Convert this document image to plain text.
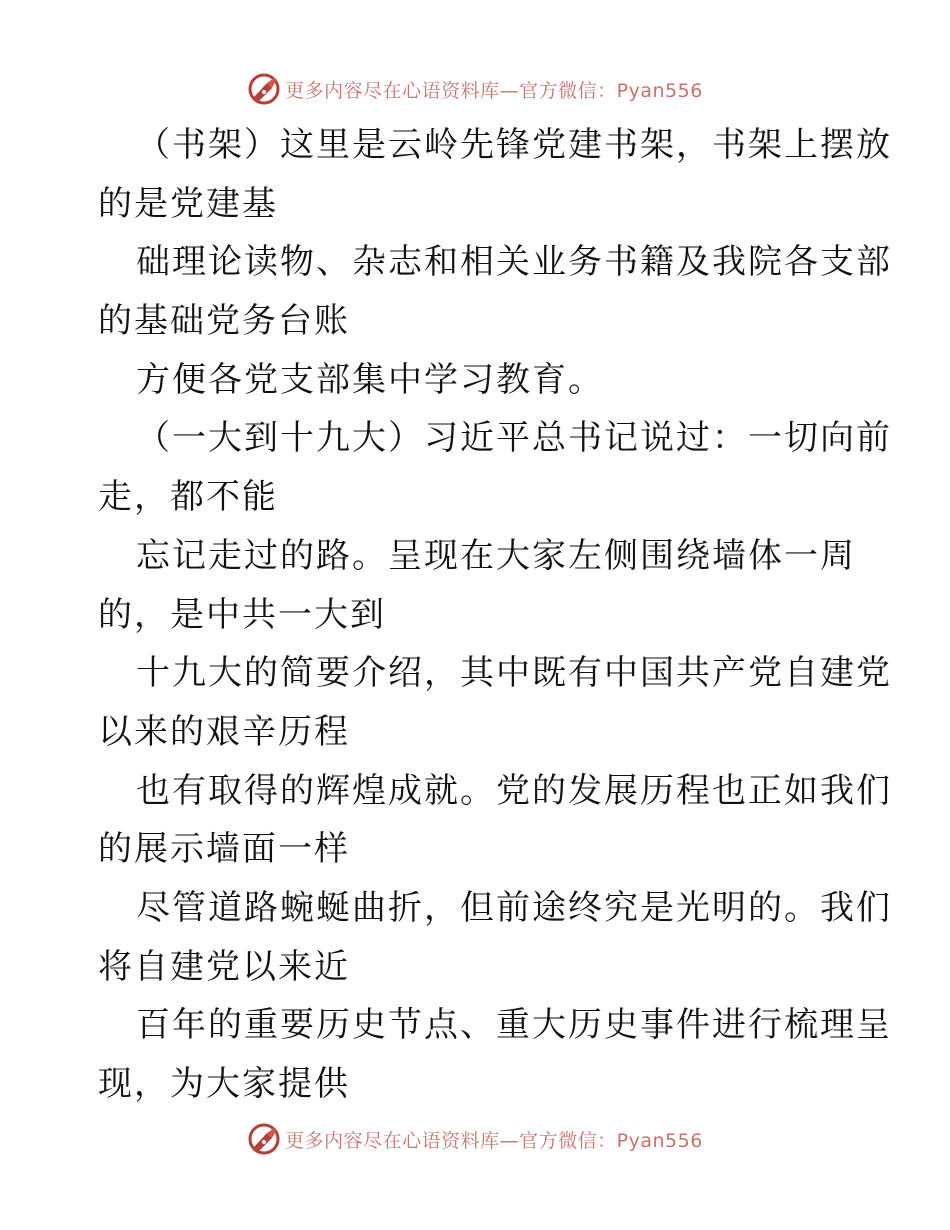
更多内容尽在心语资料库—官方微信：Pyan556
（书架）这里是云岭先锋党建书架，书架上摆放
的是党建基
础理论读物、杂志和相关业务书籍及我院各支部
的基础党务台账
方便各党支部集中学习教育。
（一大到十九大）习近平总书记说过：一切向前
走，都不能
忘记走过的路。呈现在大家左侧围绕墙体一周
的，是中共一大到
十九大的简要介绍，其中既有中国共产党自建党
以来的艰辛历程
也有取得的辉煌成就。党的发展历程也正如我们
的展示墙面一样
尽管道路蜿蜒曲折，但前途终究是光明的。我们
将自建党以来近
百年的重要历史节点、重大历史事件进行梳理呈
现，为大家提供
更多内容尽在心语资料库—官方微信：Pyan556
